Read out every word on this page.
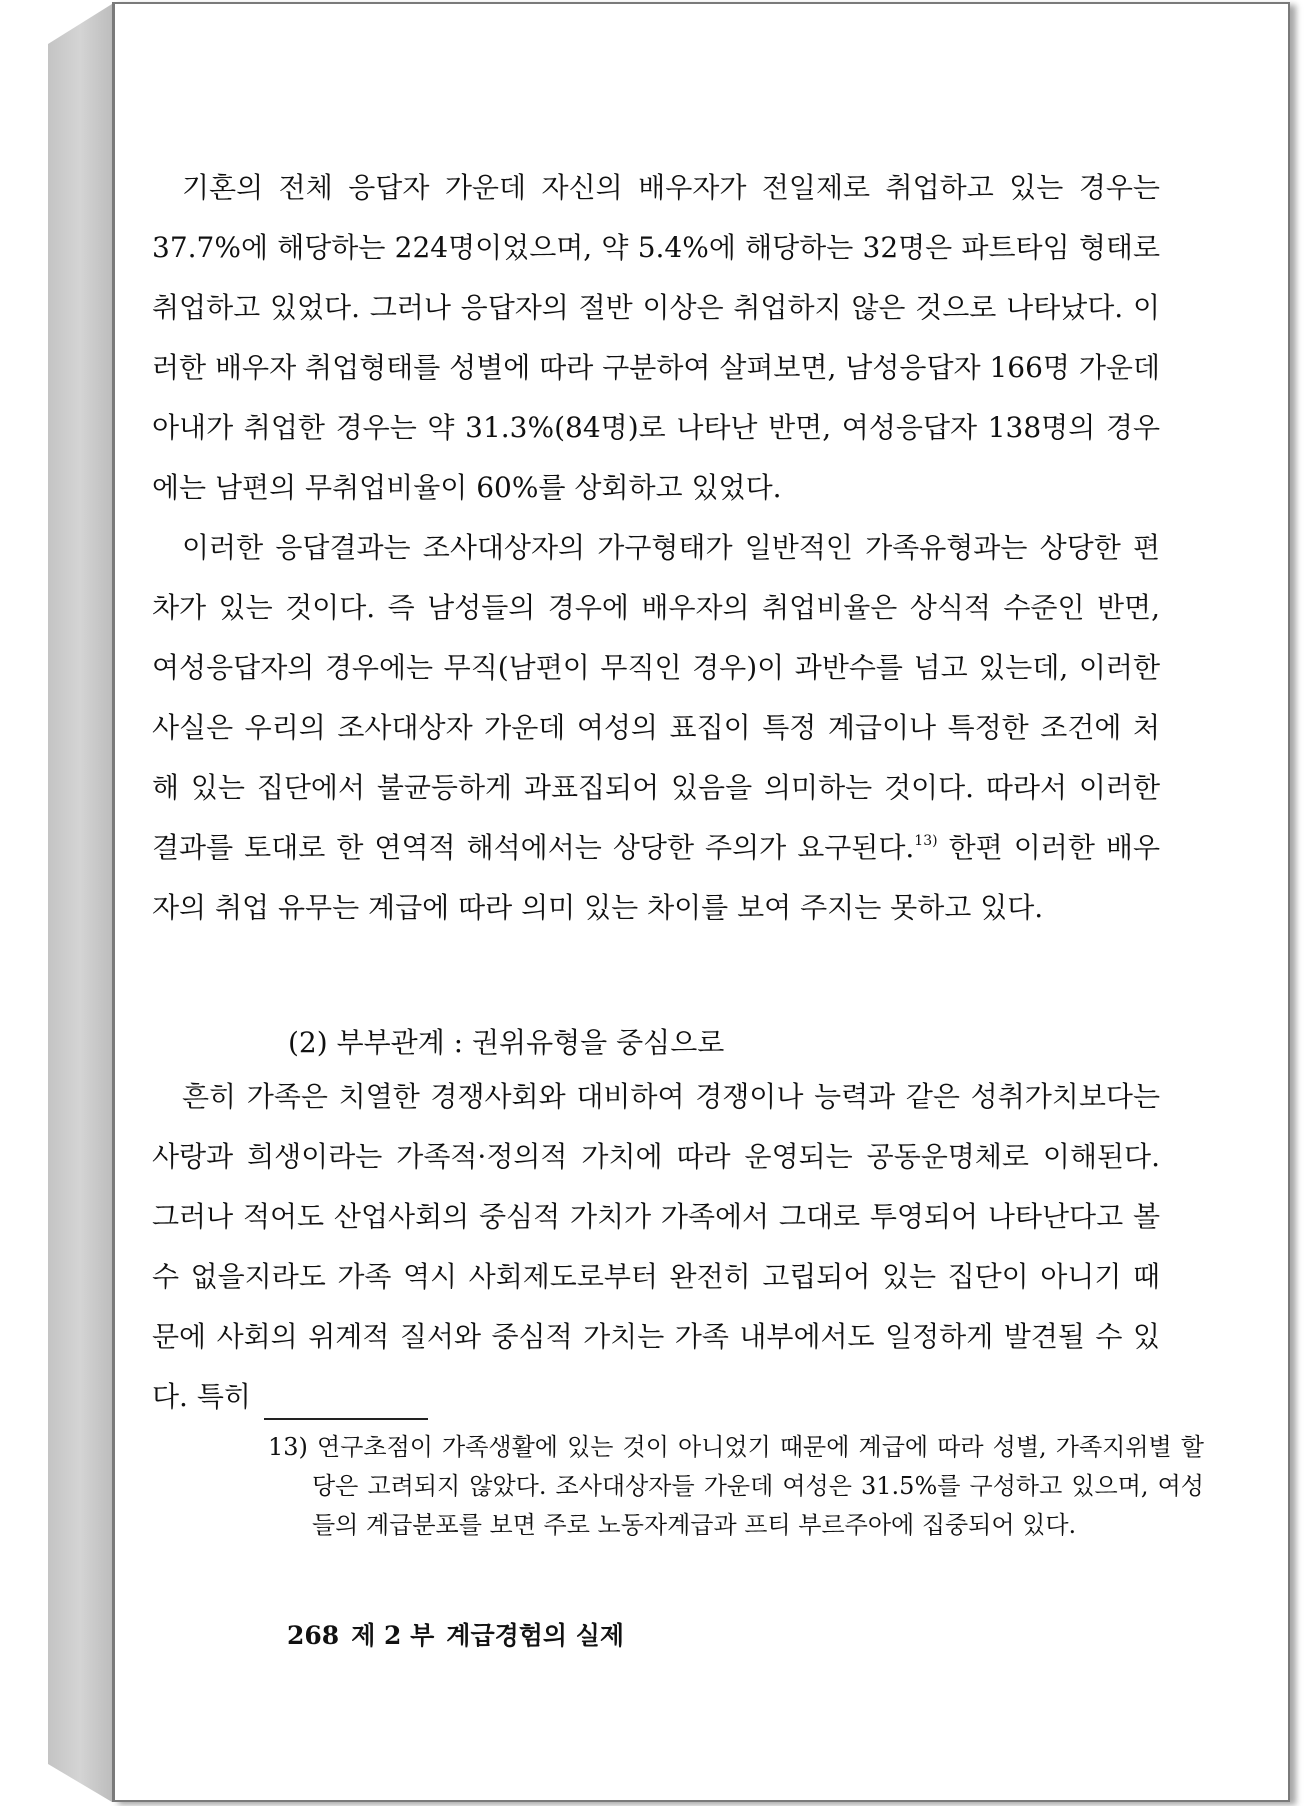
기혼의 전체 응답자 가운데 자신의 배우자가 전일제로 취업하고 있는 경우는 37.7%에 해당하는 224명이었으며, 약 5.4%에 해당하는 32명은 파트타임 형태로 취업하고 있었다. 그러나 응답자의 절반 이상은 취업하지 않은 것으로 나타났다. 이러한 배우자 취업형태를 성별에 따라 구분하여 살펴보면, 남성응답자 166명 가운데 아내가 취업한 경우는 약 31.3%(84명)로 나타난 반면, 여성응답자 138명의 경우에는 남편의 무취업비율이 60%를 상회하고 있었다.

이러한 응답결과는 조사대상자의 가구형태가 일반적인 가족유형과는 상당한 편차가 있는 것이다. 즉 남성들의 경우에 배우자의 취업비율은 상식적 수준인 반면, 여성응답자의 경우에는 무직(남편이 무직인 경우)이 과반수를 넘고 있는데, 이러한 사실은 우리의 조사대상자 가운데 여성의 표집이 특정 계급이나 특정한 조건에 처해 있는 집단에서 불균등하게 과표집되어 있음을 의미하는 것이다. 따라서 이러한 결과를 토대로 한 연역적 해석에서는 상당한 주의가 요구된다.$^{13)}$ 한편 이러한 배우자의 취업 유무는 계급에 따라 의미 있는 차이를 보여 주지는 못하고 있다.

(2) 부부관계 : 권위유형을 중심으로

흔히 가족은 치열한 경쟁사회와 대비하여 경쟁이나 능력과 같은 성취가치보다는 사랑과 희생이라는 가족적·정의적 가치에 따라 운영되는 공동운명체로 이해된다. 그러나 적어도 산업사회의 중심적 가치가 가족에서 그대로 투영되어 나타난다고 볼 수 없을지라도 가족 역시 사회제도로부터 완전히 고립되어 있는 집단이 아니기 때문에 사회의 위계적 질서와 중심적 가치는 가족 내부에서도 일정하게 발견될 수 있다. 특히

13) 연구초점이 가족생활에 있는 것이 아니었기 때문에 계급에 따라 성별, 가족지위별 할당은 고려되지 않았다. 조사대상자들 가운데 여성은 31.5%를 구성하고 있으며, 여성들의 계급분포를 보면 주로 노동자계급과 프티 부르주아에 집중되어 있다.

268 제 2 부 계급경험의 실제
